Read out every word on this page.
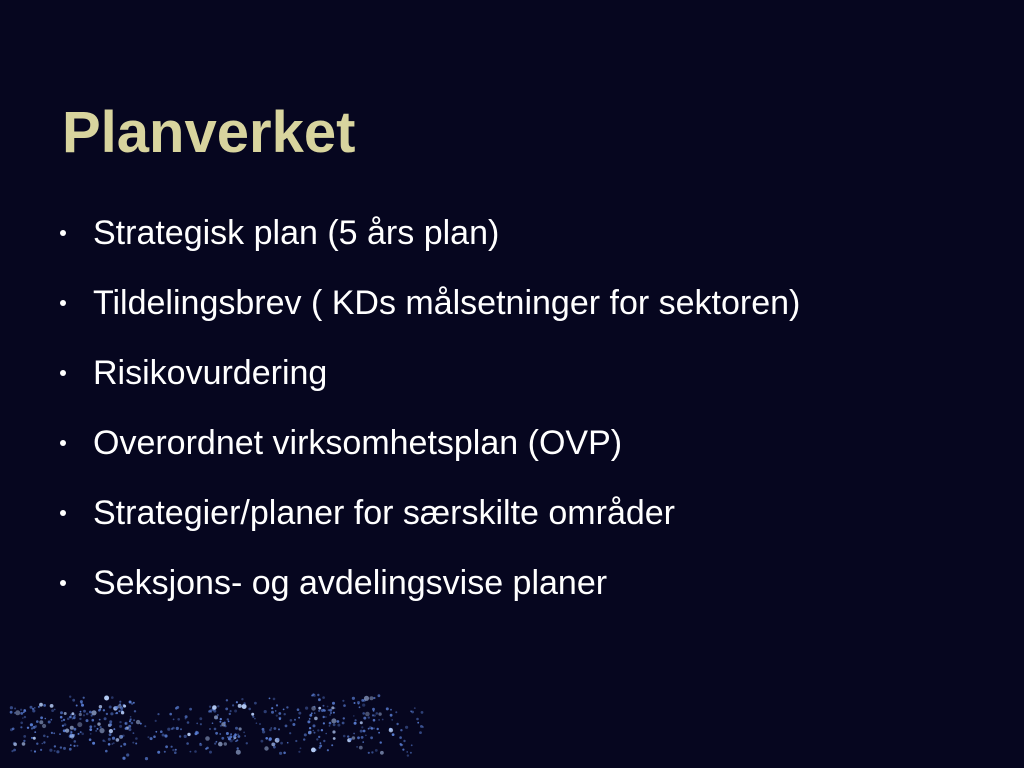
Planverket
Strategisk plan (5 års plan)
Tildelingsbrev ( KDs målsetninger for sektoren)
Risikovurdering
Overordnet virksomhetsplan (OVP)
Strategier/planer for særskilte områder
Seksjons- og avdelingsvise planer
